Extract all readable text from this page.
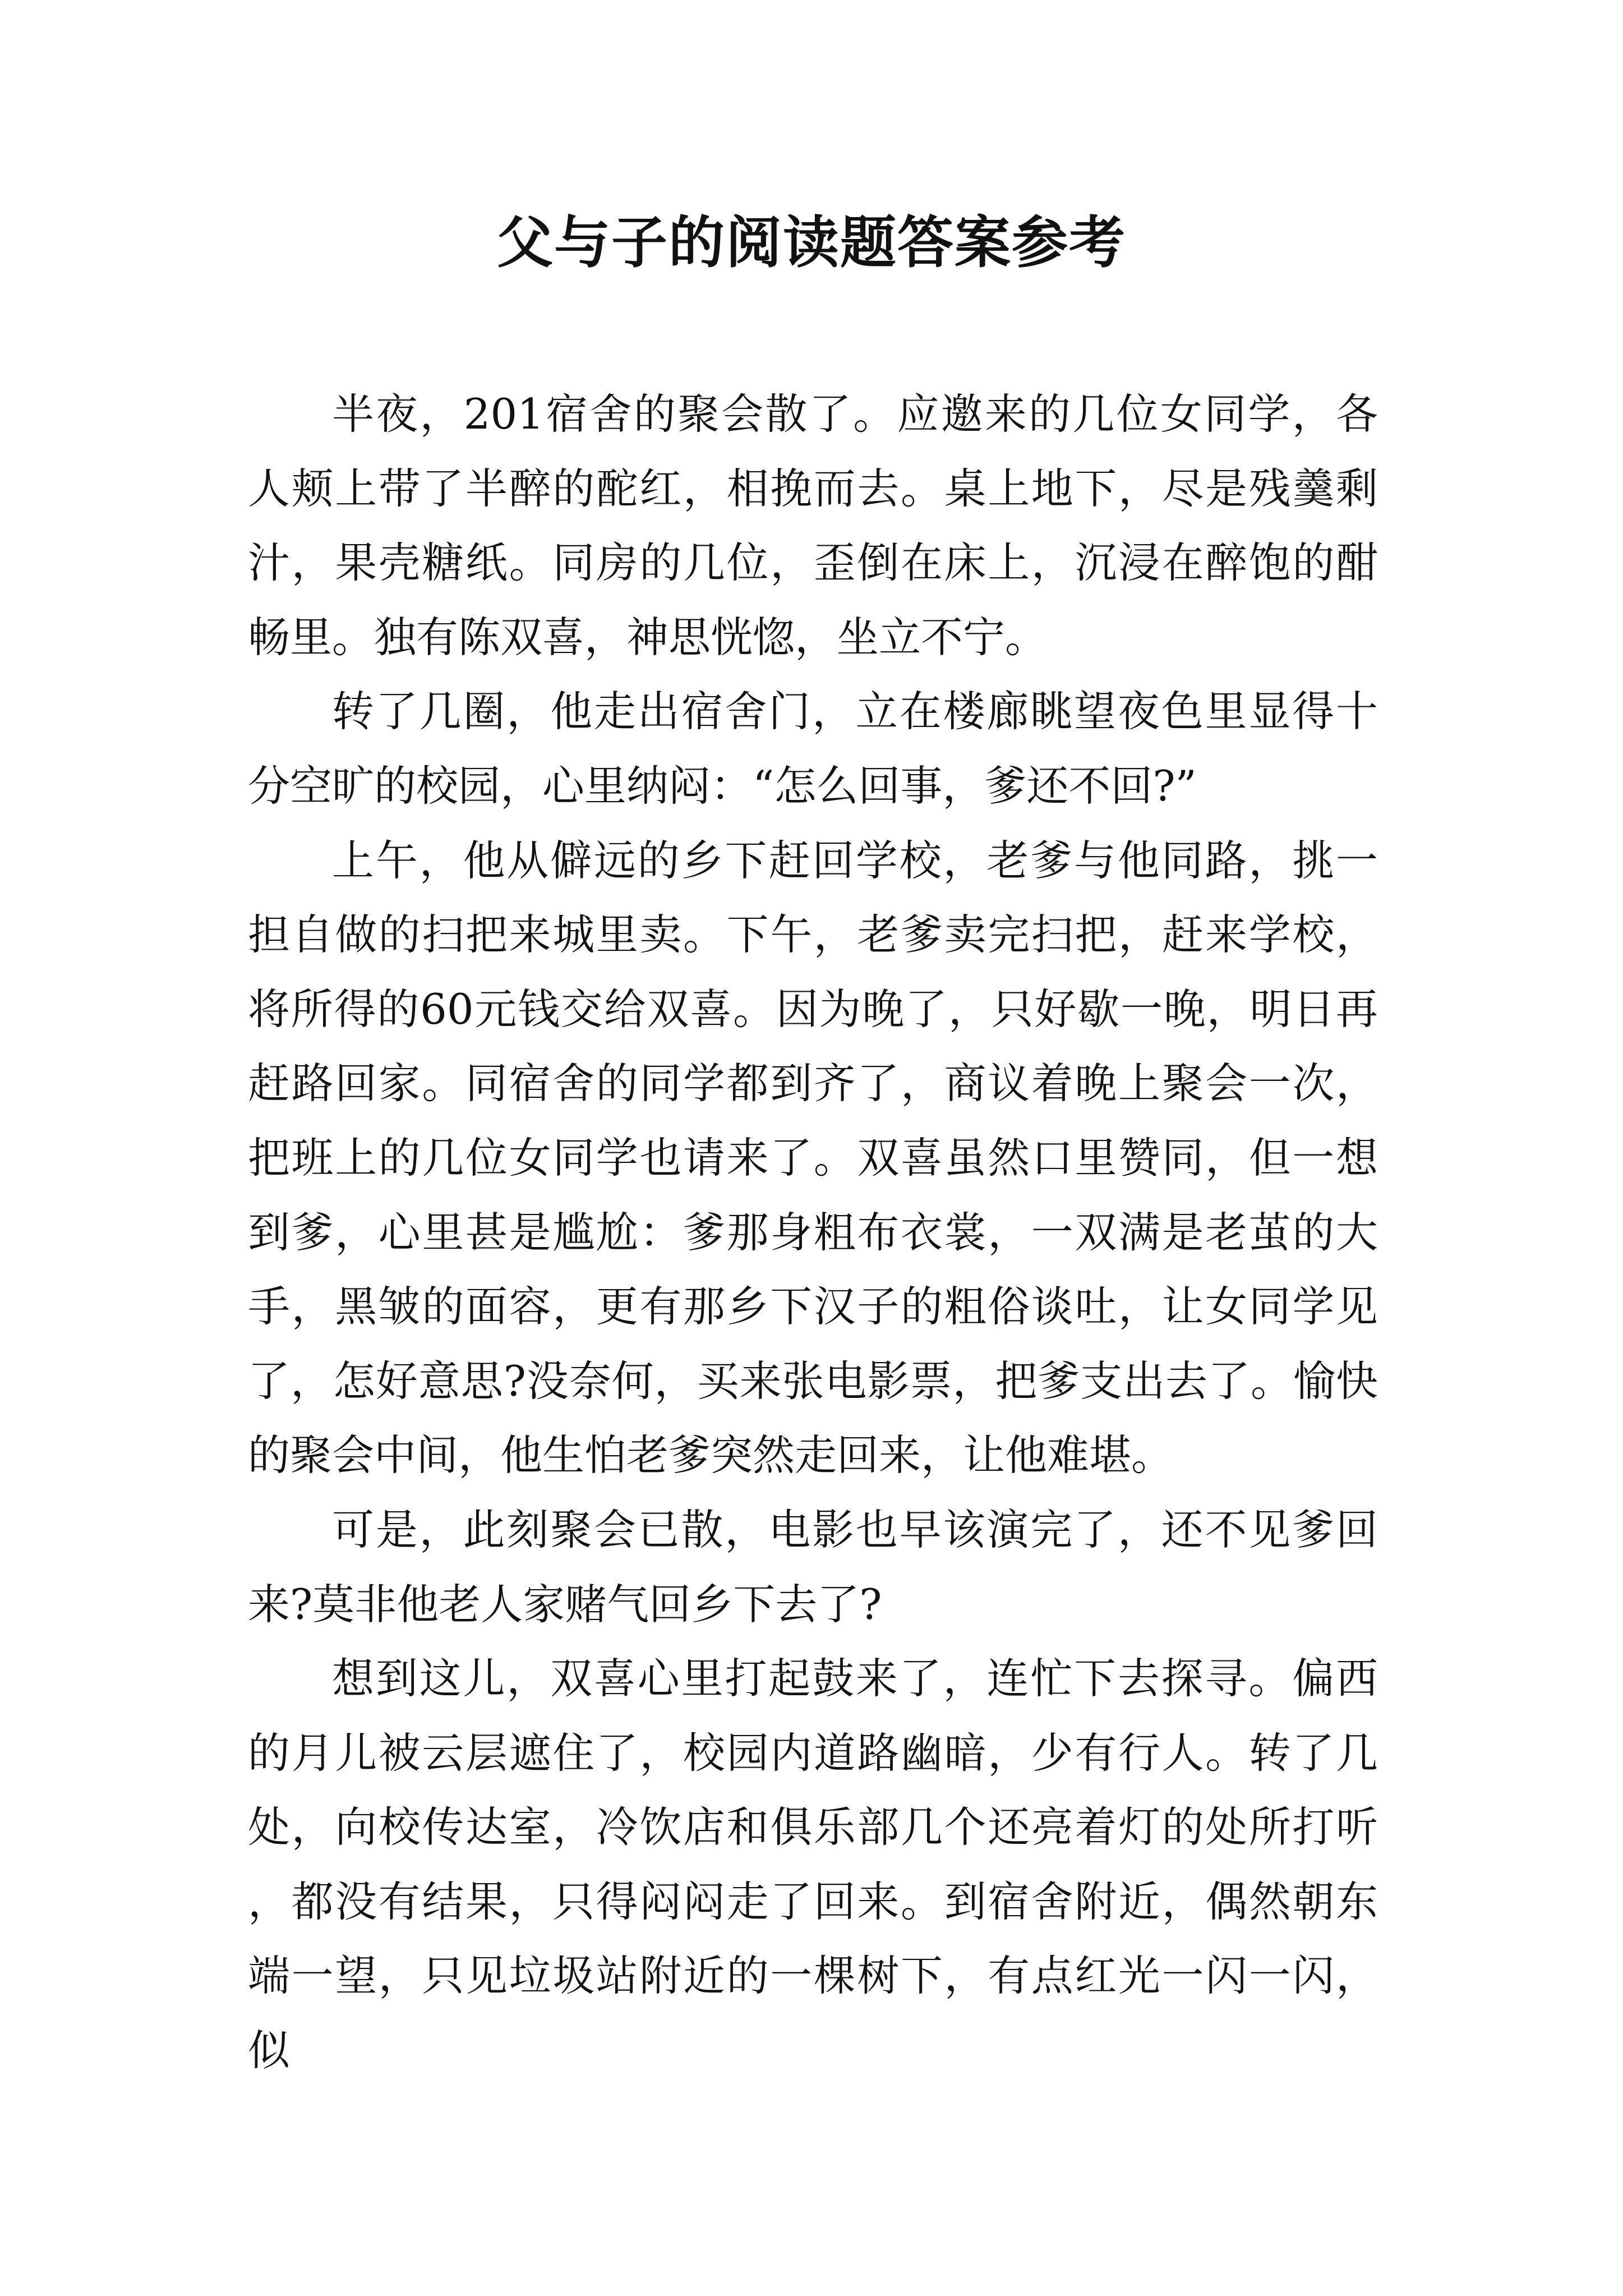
父与子的阅读题答案参考

半夜，201宿舍的聚会散了。应邀来的几位女同学，各人颊上带了半醉的酡红，相挽而去。桌上地下，尽是残羹剩汁，果壳糖纸。同房的几位，歪倒在床上，沉浸在醉饱的酣畅里。独有陈双喜，神思恍惚，坐立不宁。

转了几圈，他走出宿舍门，立在楼廊眺望夜色里显得十分空旷的校园，心里纳闷：“怎么回事，爹还不回?”

上午，他从僻远的乡下赶回学校，老爹与他同路，挑一担自做的扫把来城里卖。下午，老爹卖完扫把，赶来学校，将所得的60元钱交给双喜。因为晚了，只好歇一晚，明日再赶路回家。同宿舍的同学都到齐了，商议着晚上聚会一次，把班上的几位女同学也请来了。双喜虽然口里赞同，但一想到爹，心里甚是尴尬：爹那身粗布衣裳，一双满是老茧的大手，黑皱的面容，更有那乡下汉子的粗俗谈吐，让女同学见了，怎好意思?没奈何，买来张电影票，把爹支出去了。愉快的聚会中间，他生怕老爹突然走回来，让他难堪。

可是，此刻聚会已散，电影也早该演完了，还不见爹回来?莫非他老人家赌气回乡下去了?

想到这儿，双喜心里打起鼓来了，连忙下去探寻。偏西的月儿被云层遮住了，校园内道路幽暗，少有行人。转了几处，向校传达室，冷饮店和俱乐部几个还亮着灯的处所打听，都没有结果，只得闷闷走了回来。到宿舍附近，偶然朝东端一望，只见垃圾站附近的一棵树下，有点红光一闪一闪，似
